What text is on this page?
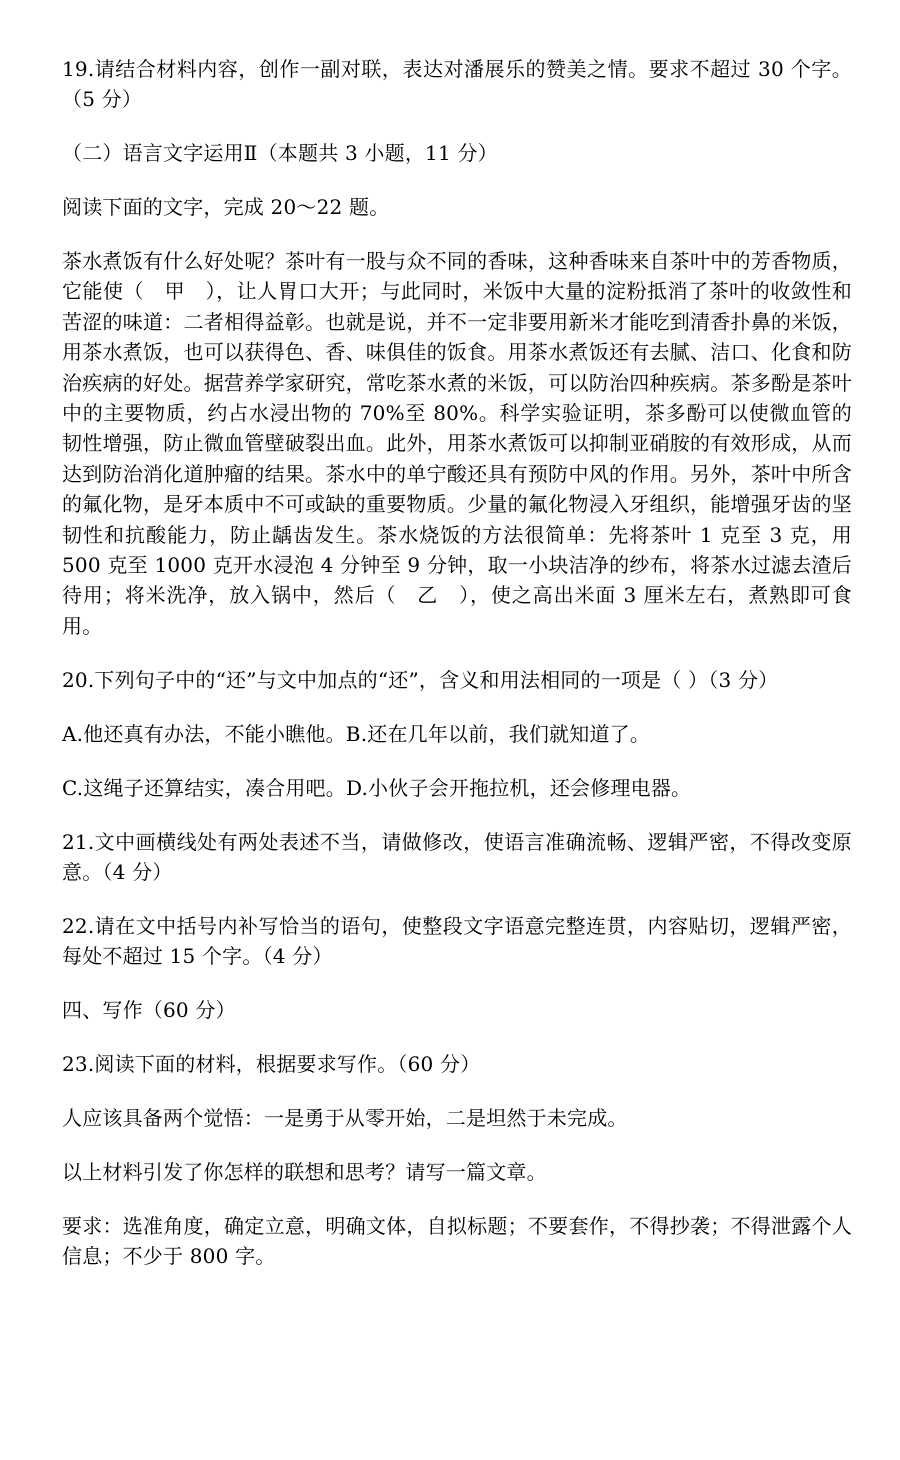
19.请结合材料内容，创作一副对联，表达对潘展乐的赞美之情。要求不超过 30 个字。（5 分）

（二）语言文字运用Ⅱ（本题共 3 小题，11 分）

阅读下面的文字，完成 20～22 题。

茶水煮饭有什么好处呢？茶叶有一股与众不同的香味，这种香味来自茶叶中的芳香物质，它能使（　甲　），让人胃口大开；与此同时，米饭中大量的淀粉抵消了茶叶的收敛性和苦涩的味道：二者相得益彰。也就是说，并不一定非要用新米才能吃到清香扑鼻的米饭，用茶水煮饭，也可以获得色、香、味俱佳的饭食。用茶水煮饭还有去腻、洁口、化食和防治疾病的好处。据营养学家研究，常吃茶水煮的米饭，可以防治四种疾病。茶多酚是茶叶中的主要物质，约占水浸出物的 70%至 80%。科学实验证明，茶多酚可以使微血管的韧性增强，防止微血管壁破裂出血。此外，用茶水煮饭可以抑制亚硝胺的有效形成，从而达到防治消化道肿瘤的结果。茶水中的单宁酸还具有预防中风的作用。另外，茶叶中所含的氟化物，是牙本质中不可或缺的重要物质。少量的氟化物浸入牙组织，能增强牙齿的坚韧性和抗酸能力，防止龋齿发生。茶水烧饭的方法很简单：先将茶叶 1 克至 3 克，用 500 克至 1000 克开水浸泡 4 分钟至 9 分钟，取一小块洁净的纱布，将茶水过滤去渣后待用；将米洗净，放入锅中，然后（　乙　），使之高出米面 3 厘米左右，煮熟即可食用。

20.下列句子中的“还”与文中加点的“还”，含义和用法相同的一项是（ ）（3 分）

A.他还真有办法，不能小瞧他。B.还在几年以前，我们就知道了。

C.这绳子还算结实，凑合用吧。D.小伙子会开拖拉机，还会修理电器。

21.文中画横线处有两处表述不当，请做修改，使语言准确流畅、逻辑严密，不得改变原意。（4 分）

22.请在文中括号内补写恰当的语句，使整段文字语意完整连贯，内容贴切，逻辑严密，每处不超过 15 个字。（4 分）

四、写作（60 分）

23.阅读下面的材料，根据要求写作。（60 分）

人应该具备两个觉悟：一是勇于从零开始，二是坦然于未完成。

以上材料引发了你怎样的联想和思考？请写一篇文章。

要求：选准角度，确定立意，明确文体，自拟标题；不要套作，不得抄袭；不得泄露个人信息；不少于 800 字。
